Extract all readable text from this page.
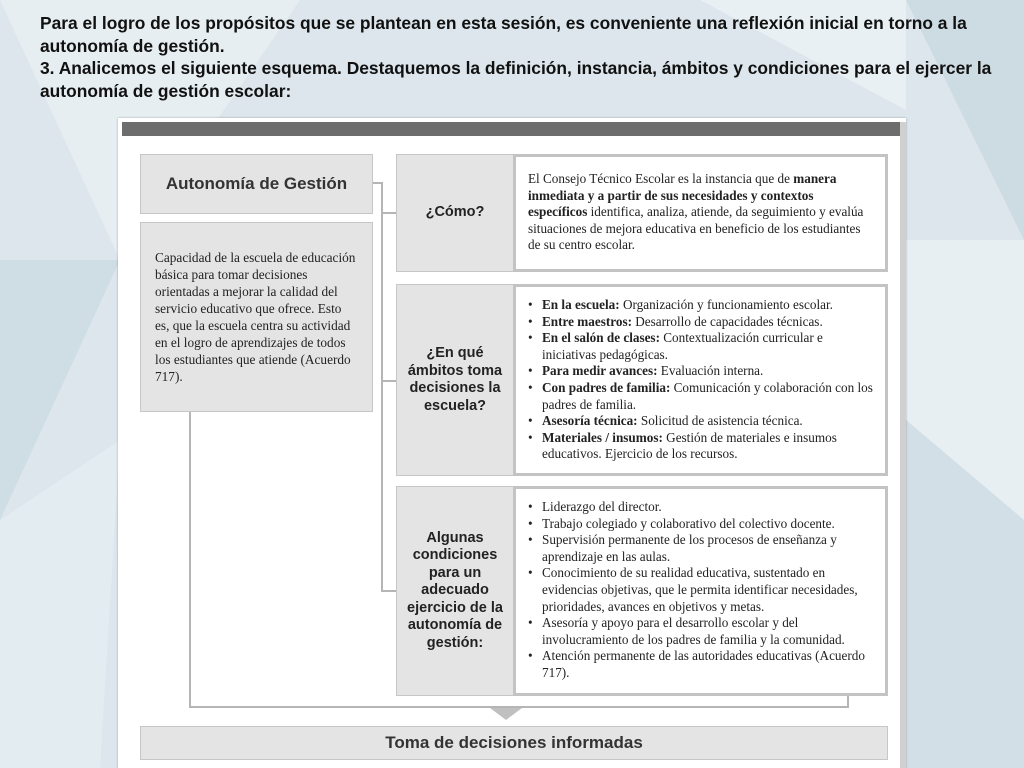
Para el logro de los propósitos que se plantean en esta sesión, es conveniente una reflexión inicial en torno a la autonomía de gestión.

3. Analicemos el siguiente esquema. Destaquemos la definición, instancia, ámbitos y condiciones para el ejercer la autonomía de gestión escolar:

Autonomía de Gestión
Capacidad de la escuela de educación básica para tomar decisiones orientadas a mejorar la calidad del servicio educativo que ofrece. Esto es, que la escuela centra su actividad en el logro de aprendizajes de todos los estudiantes que atiende (Acuerdo 717).
¿Cómo?
El Consejo Técnico Escolar es la instancia que de manera inmediata y a partir de sus necesidades y contextos específicos identifica, analiza, atiende, da seguimiento y evalúa situaciones de mejora educativa en beneficio de los estudiantes de su centro escolar.
¿En qué ámbitos toma decisiones la escuela?
• En la escuela: Organización y funcionamiento escolar.
• Entre maestros: Desarrollo de capacidades técnicas.
• En el salón de clases: Contextualización curricular e iniciativas pedagógicas.
• Para medir avances: Evaluación interna.
• Con padres de familia: Comunicación y colaboración con los padres de familia.
• Asesoría técnica: Solicitud de asistencia técnica.
• Materiales / insumos: Gestión de materiales e insumos educativos. Ejercicio de los recursos.
Algunas condiciones para un adecuado ejercicio de la autonomía de gestión:
• Liderazgo del director.
• Trabajo colegiado y colaborativo del colectivo docente.
• Supervisión permanente de los procesos de enseñanza y aprendizaje en las aulas.
• Conocimiento de su realidad educativa, sustentado en evidencias objetivas, que le permita identificar necesidades, prioridades, avances en objetivos y metas.
• Asesoría y apoyo para el desarrollo escolar y del involucramiento de los padres de familia y la comunidad.
• Atención permanente de las autoridades educativas (Acuerdo 717).
Toma de decisiones informadas
